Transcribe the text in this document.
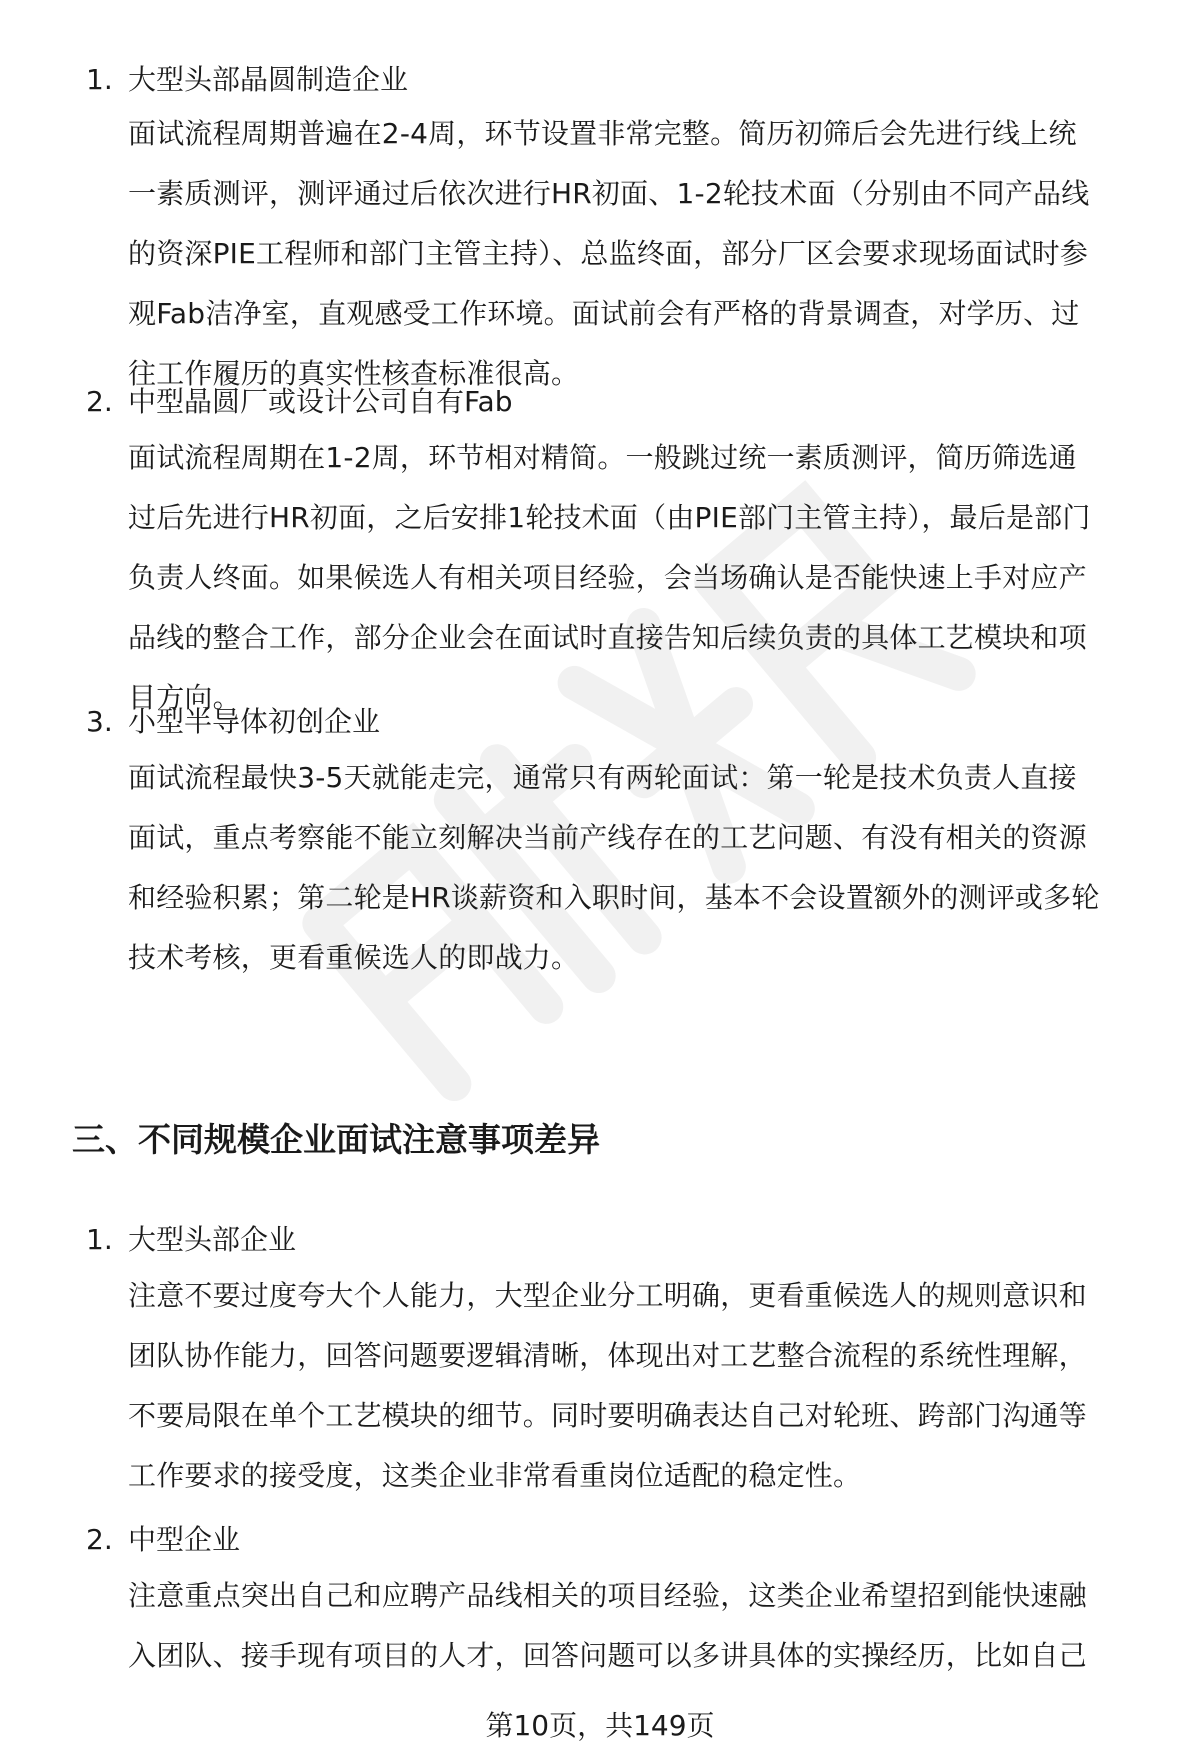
1. 大型头部晶圆制造企业
面试流程周期普遍在2-4周，环节设置非常完整。简历初筛后会先进行线上统
一素质测评，测评通过后依次进行HR初面、1-2轮技术面（分别由不同产品线
的资深PIE工程师和部门主管主持）、总监终面，部分厂区会要求现场面试时参
观Fab洁净室，直观感受工作环境。面试前会有严格的背景调查，对学历、过
往工作履历的真实性核查标准很高。
2. 中型晶圆厂或设计公司自有Fab
面试流程周期在1-2周，环节相对精简。一般跳过统一素质测评，简历筛选通
过后先进行HR初面，之后安排1轮技术面（由PIE部门主管主持），最后是部门
负责人终面。如果候选人有相关项目经验，会当场确认是否能快速上手对应产
品线的整合工作，部分企业会在面试时直接告知后续负责的具体工艺模块和项
目方向。
3. 小型半导体初创企业
面试流程最快3-5天就能走完，通常只有两轮面试：第一轮是技术负责人直接
面试，重点考察能不能立刻解决当前产线存在的工艺问题、有没有相关的资源
和经验积累；第二轮是HR谈薪资和入职时间，基本不会设置额外的测评或多轮
技术考核，更看重候选人的即战力。
三、不同规模企业面试注意事项差异
1. 大型头部企业
注意不要过度夸大个人能力，大型企业分工明确，更看重候选人的规则意识和
团队协作能力，回答问题要逻辑清晰，体现出对工艺整合流程的系统性理解，
不要局限在单个工艺模块的细节。同时要明确表达自己对轮班、跨部门沟通等
工作要求的接受度，这类企业非常看重岗位适配的稳定性。
2. 中型企业
注意重点突出自己和应聘产品线相关的项目经验，这类企业希望招到能快速融
入团队、接手现有项目的人才，回答问题可以多讲具体的实操经历，比如自己
第10页，共149页
